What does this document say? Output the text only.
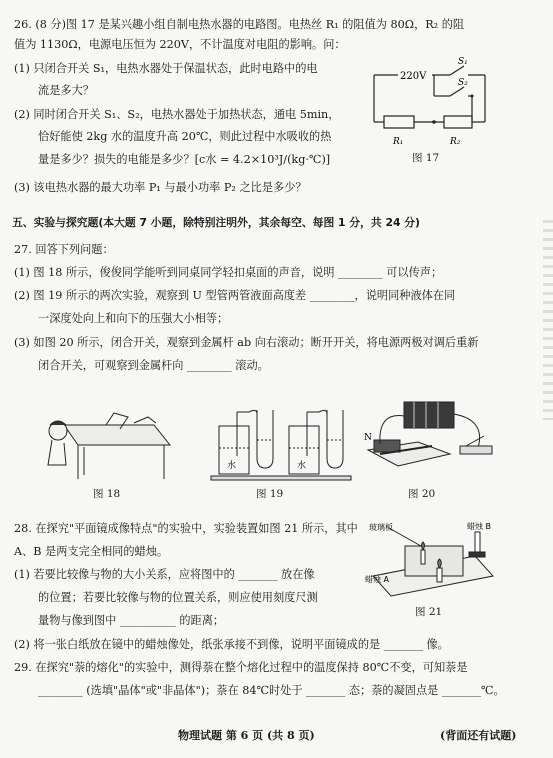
26. (8 分)图 17 是某兴趣小组自制电热水器的电路图。电热丝 R₁ 的阻值为 80Ω，R₂ 的阻
值为 1130Ω，电源电压恒为 220V，不计温度对电阻的影响。问：
(1) 只闭合开关 S₁，电热水器处于保温状态，此时电路中的电
流是多大？
(2) 同时闭合开关 S₁、S₂，电热水器处于加热状态，通电 5min，
恰好能使 2kg 水的温度升高 20℃，则此过程中水吸收的热
量是多少？损失的电能是多少？[c水 = 4.2×10³J/(kg·℃)]
(3) 该电热水器的最大功率 P₁ 与最小功率 P₂ 之比是多少？
220V
S₁
S₂
R₁	R₂
图 17
五、实验与探究题(本大题 7 小题，除特别注明外，其余每空、每图 1 分，共 24 分)
27. 回答下列问题：
(1) 图 18 所示，俊俊同学能听到同桌同学轻扣桌面的声音，说明 ________ 可以传声；
(2) 图 19 所示的两次实验，观察到 U 型管两管液面高度差 ________，说明同种液体在同
一深度处向上和向下的压强大小相等；
(3) 如图 20 所示，闭合开关，观察到金属杆 ab 向右滚动；断开开关，将电源两极对调后重新
闭合开关，可观察到金属杆向 ________ 滚动。
图 18
水	水
图 19
N
图 20
28. 在探究"平面镜成像特点"的实验中，实验装置如图 21 所示，其中
A、B 是两支完全相同的蜡烛。
(1) 若要比较像与物的大小关系，应将图中的 _______ 放在像
的位置；若要比较像与物的位置关系，则应使用刻度尺测
量物与像到图中 __________ 的距离；
(2) 将一张白纸放在镜中的蜡烛像处，纸张承接不到像，说明平面镜成的是 _______ 像。
玻璃板	蜡烛 B
蜡烛 A
图 21
29. 在探究"萘的熔化"的实验中，测得萘在整个熔化过程中的温度保持 80℃不变，可知萘是
________ (选填"晶体"或"非晶体")；萘在 84℃时处于 _______ 态；萘的凝固点是 _______℃。
物理试题 第 6 页 (共 8 页)	(背面还有试题)
